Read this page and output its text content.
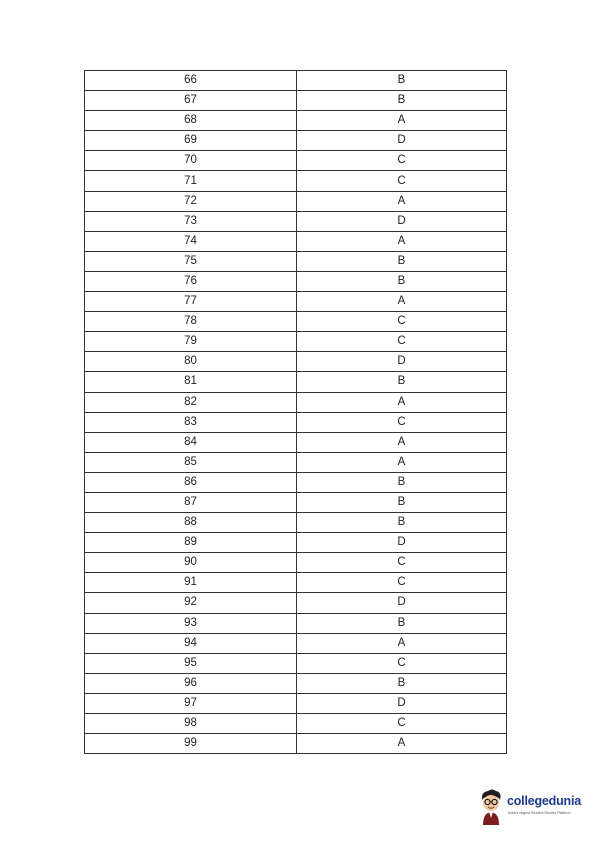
66	B
67	B
68	A
69	D
70	C
71	C
72	A
73	D
74	A
75	B
76	B
77	A
78	C
79	C
80	D
81	B
82	A
83	C
84	A
85	A
86	B
87	B
88	B
89	D
90	C
91	C
92	D
93	B
94	A
95	C
96	B
97	D
98	C
99	A
collegedunia
India's largest Student Review Platform
